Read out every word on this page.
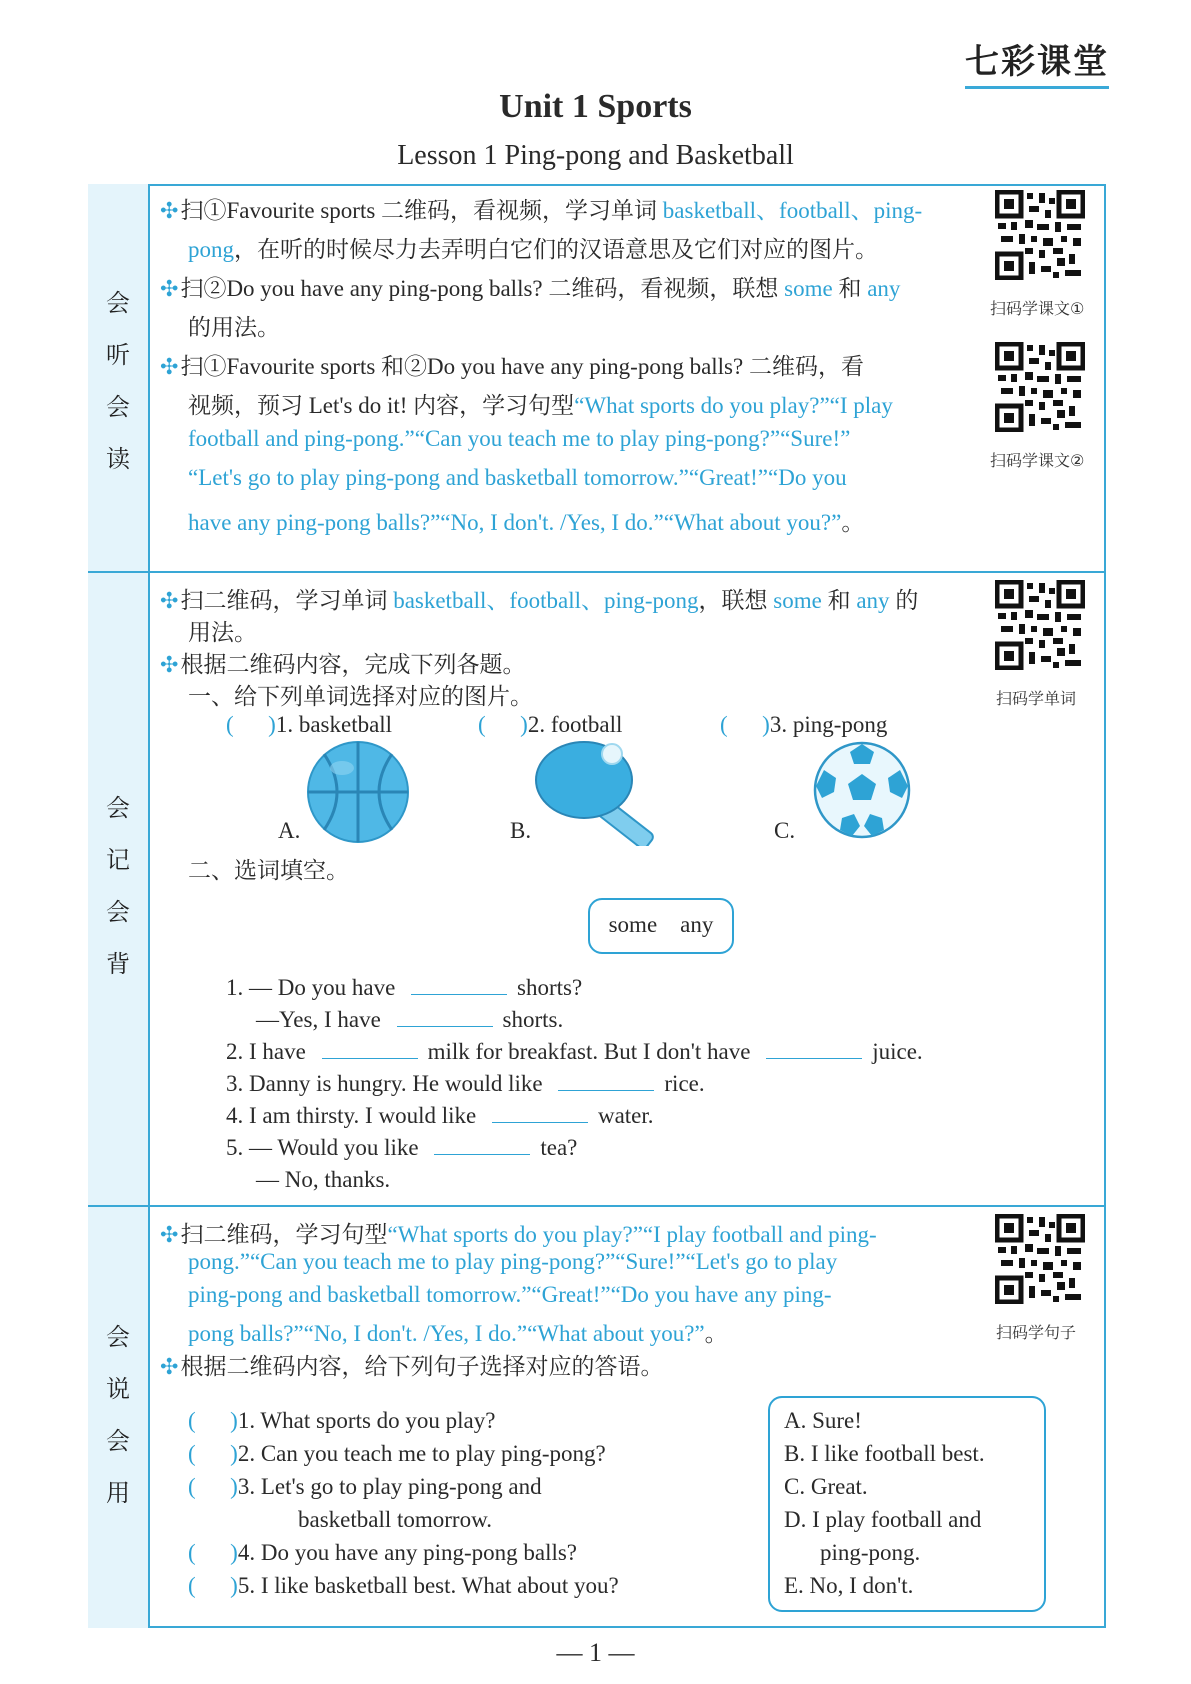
七彩课堂
Unit 1 Sports
Lesson 1 Ping-pong and Basketball
会
听
会
读
会
记
会
背
会
说
会
用
✣扫①Favourite sports 二维码，看视频，学习单词 basketball、football、ping-
pong，在听的时候尽力去弄明白它们的汉语意思及它们对应的图片。
✣扫②Do you have any ping-pong balls? 二维码，看视频，联想 some 和 any
的用法。
✣扫①Favourite sports 和②Do you have any ping-pong balls? 二维码，看
视频，预习 Let's do it! 内容，学习句型“What sports do you play?”“I play
football and ping-pong.”“Can you teach me to play ping-pong?”“Sure!”
“Let's go to play ping-pong and basketball tomorrow.”“Great!”“Do you
have any ping-pong balls?”“No, I don't. /Yes, I do.”“What about you?”。
扫码学课文①
扫码学课文②
✣扫二维码，学习单词 basketball、football、ping-pong，联想 some 和 any 的
用法。
✣根据二维码内容，完成下列各题。
一、给下列单词选择对应的图片。	扫码学单词
(      )1. basketball	(      )2. football	(      )3. ping-pong
A.	B.	C.
二、选词填空。
some    any
1. — Do you have	shorts?
—Yes, I have	shorts.
2. I have	milk for breakfast. But I don't have	juice.
3. Danny is hungry. He would like	rice.
4. I am thirsty. I would like	water.
5. — Would you like	tea?
— No, thanks.
✣扫二维码，学习句型“What sports do you play?”“I play football and ping-
pong.”“Can you teach me to play ping-pong?”“Sure!”“Let's go to play
ping-pong and basketball tomorrow.”“Great!”“Do you have any ping-
pong balls?”“No, I don't. /Yes, I do.”“What about you?”。
✣根据二维码内容，给下列句子选择对应的答语。
扫码学句子
(      )1. What sports do you play?
(      )2. Can you teach me to play ping-pong?
(      )3. Let's go to play ping-pong and
basketball tomorrow.
(      )4. Do you have any ping-pong balls?
(      )5. I like basketball best. What about you?
A. Sure!
B. I like football best.
C. Great.
D. I play football and
ping-pong.
E. No, I don't.
— 1 —
